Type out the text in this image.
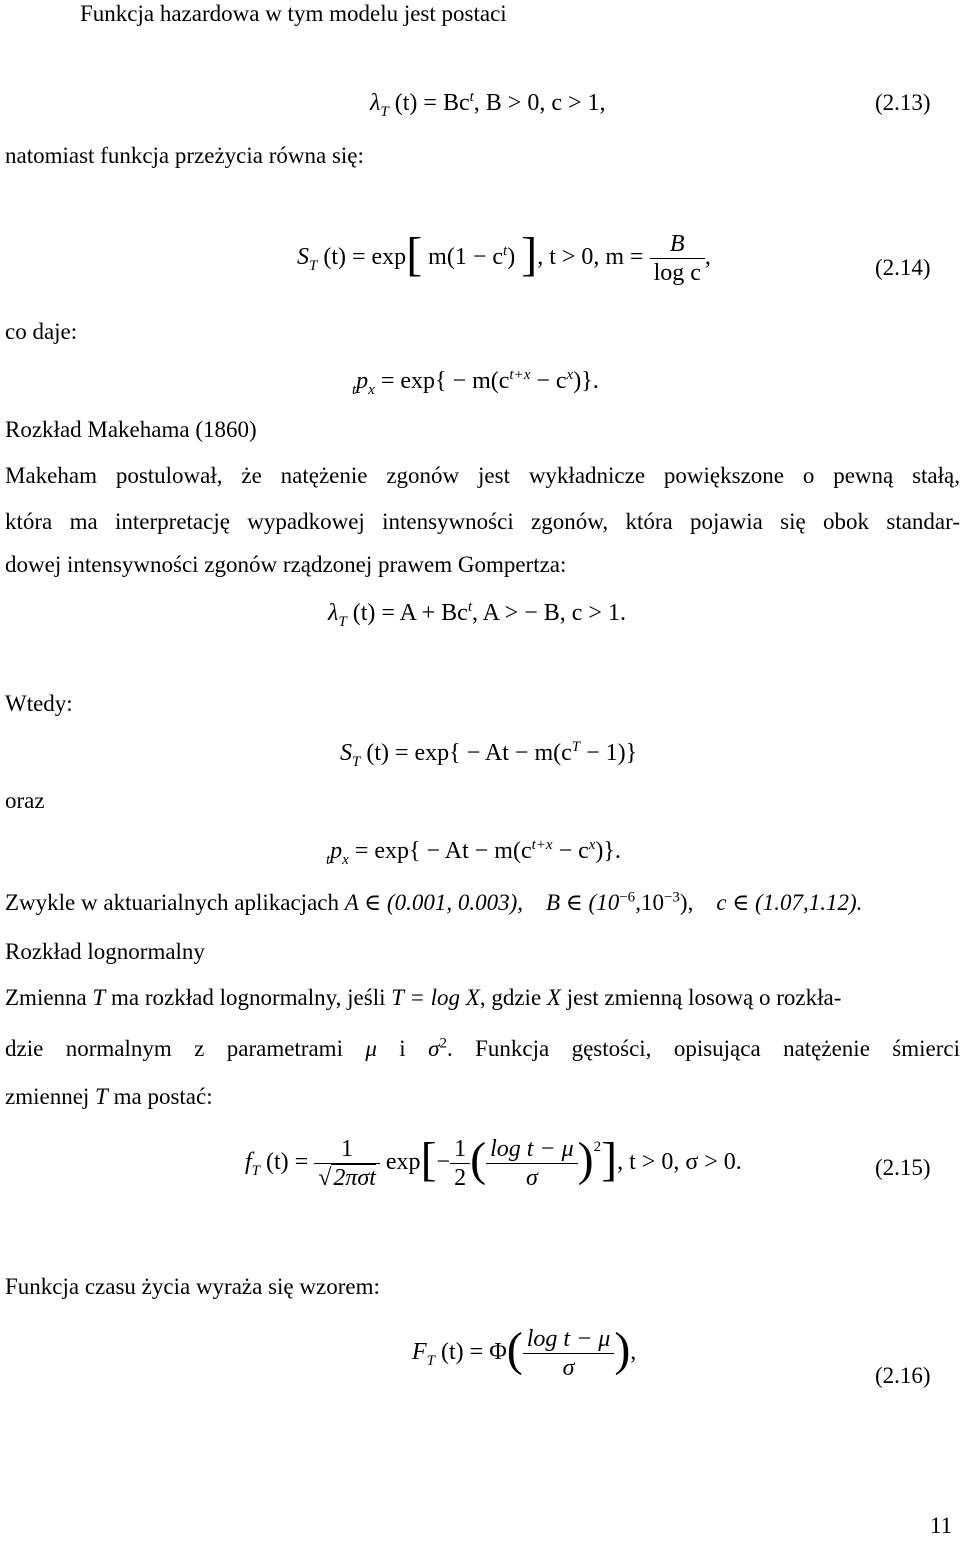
Funkcja hazardowa w tym modelu jest postaci
$\lambda_T$ $(t) = Bc^t$, B > 0, c > 1,	(2.13)
natomiast funkcja przeżycia równa się:
$S_T$ (t) = exp[ $m(1 - c^t)$ ], t > 0, $m = \frac{B}{\text{log c}}$ ,	(2.14)
co daje:
$_tp_x = \exp\{ - m(c^{t+x} - c^x)\}$.
Rozkład Makehama (1860)
Makeham postulował, że natężenie zgonów jest wykładnicze powiększone o pewną stałą,
która ma interpretację wypadkowej intensywności zgonów, która pojawia się obok standar-
dowej intensywności zgonów rządzonej prawem Gompertza:
$\lambda_T$ $(t) = A + Bc^t$, A > − B, c > 1.
Wtedy:
$S_T$ $(t) = \exp\{ - At - m(c^T - 1)\}$
oraz
$_tp_x = \exp\{ - At - m(c^{t+x} - c^x)\}$.
Zwykle w aktuarialnych aplikacjach A ∈ (0.001, 0.003), B ∈ $(10^{-6},10^{-3})$, c ∈ (1.07,1.12).
Rozkład lognormalny
Zmienna T ma rozkład lognormalny, jeśli T = log X, gdzie X jest zmienną losową o rozkła-
dzie normalnym z parametrami μ i $\sigma^2$. Funkcja gęstości, opisująca natężenie śmierci
zmiennej T ma postać:
$f_T$ $(t) = \frac{1}{\text{√2πσt}} \exp[- \frac{1}{2}$ ( $\frac{\text{log t − μ}}{\sigma} )^2$], t > 0, σ > 0.	(2.15)
Funkcja czasu życia wyraża się wzorem:
$F_T$ $(t) = \Phi( \frac{\text{log t − μ}}{\sigma}$ ),
(2.16)
11
